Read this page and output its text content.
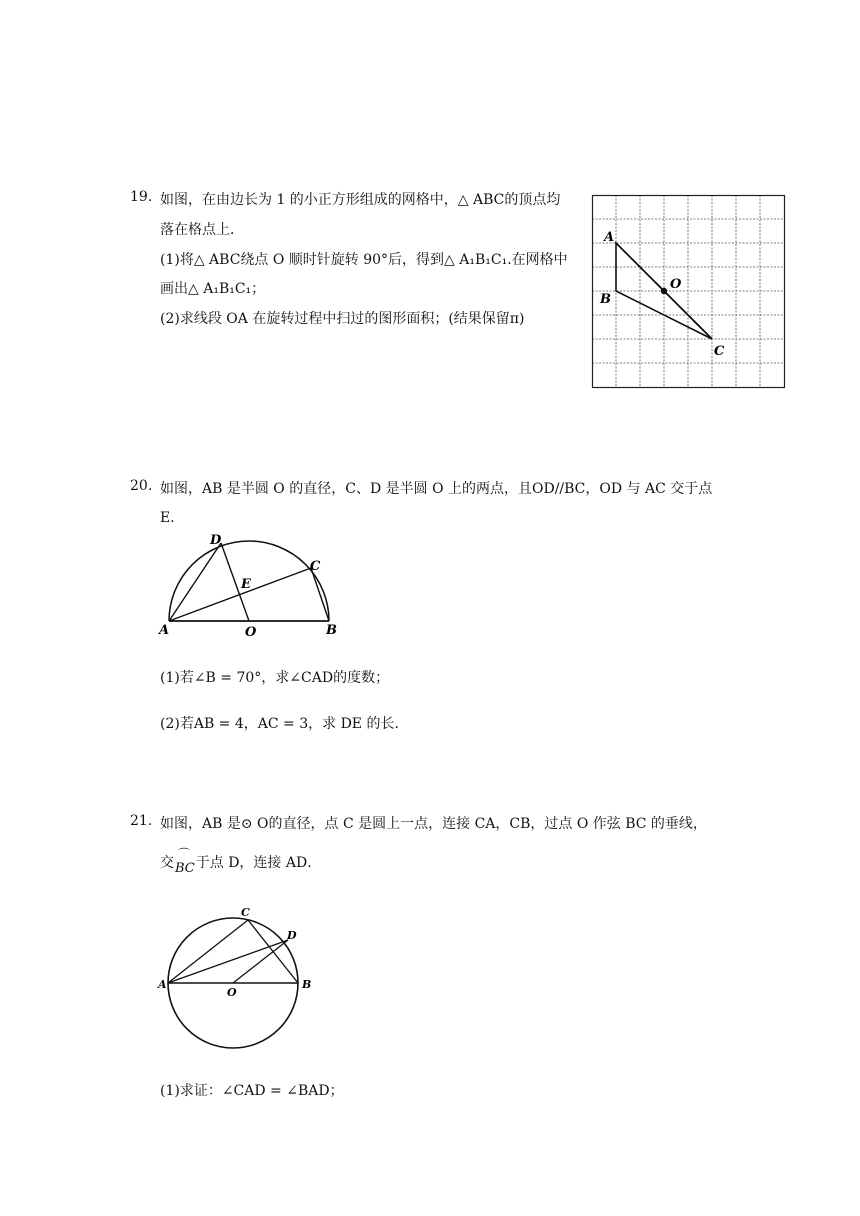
19. 如图，在由边长为 1 的小正方形组成的网格中，△ ABC的顶点均
落在格点上．
(1)将△ ABC绕点 O 顺时针旋转 90°后，得到△ A₁B₁C₁.在网格中
画出△ A₁B₁C₁；
(2)求线段 OA 在旋转过程中扫过的图形面积；(结果保留π)
A
B
O
C
20. 如图，AB 是半圆 O 的直径，C、D 是半圆 O 上的两点，且OD//BC，OD 与 AC 交于点
E．
D
C
E
A	O	B
(1)若∠B = 70°，求∠CAD的度数；
(2)若AB = 4，AC = 3，求 DE 的长．
21. 如图，AB 是⊙ O的直径，点 C 是圆上一点，连接 CA，CB，过点 O 作弦 BC 的垂线，
交
⌒
BC于点 D，连接 AD．
C
D
A
O
B
(1)求证：∠CAD = ∠BAD；
